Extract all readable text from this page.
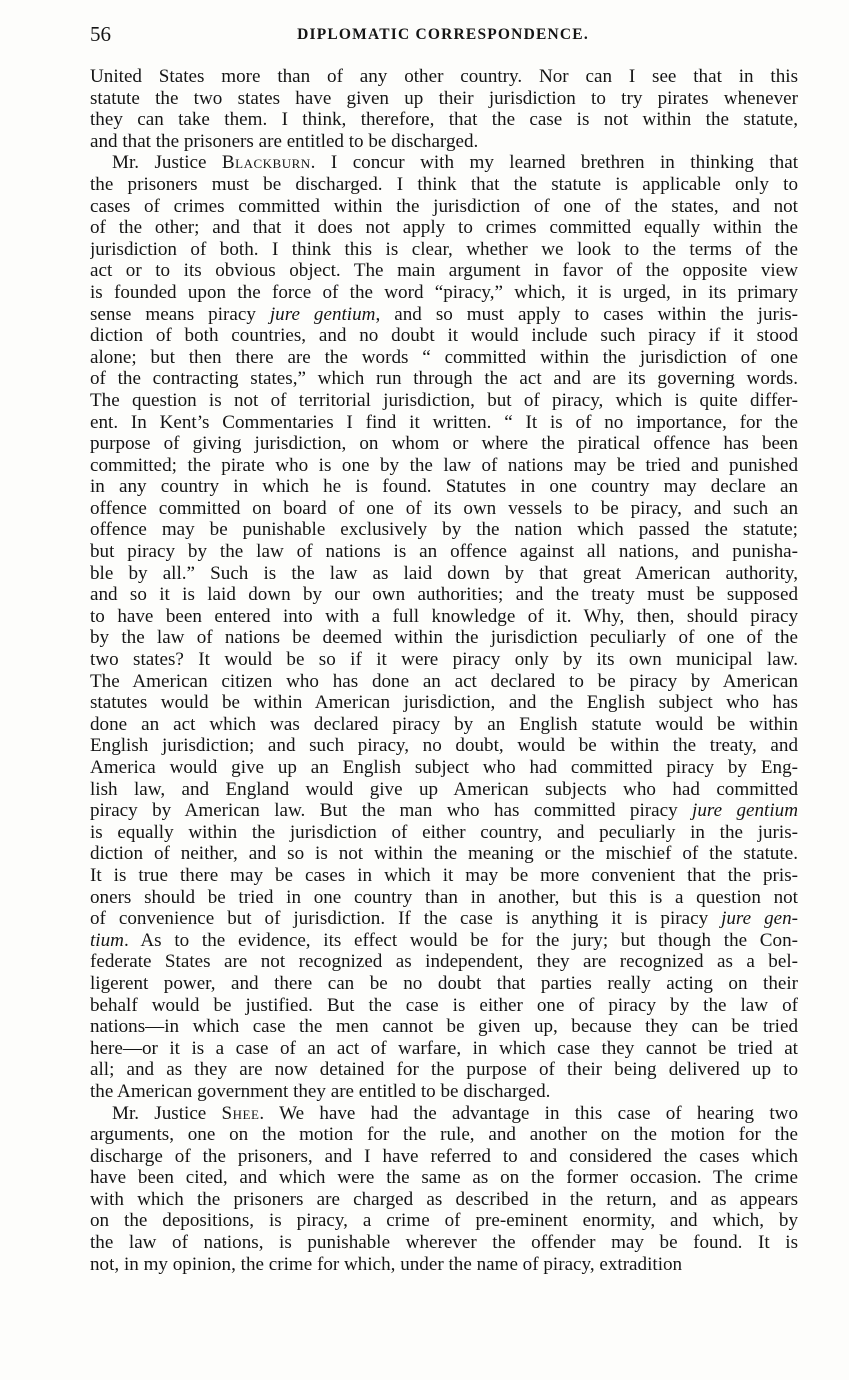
56	DIPLOMATIC CORRESPONDENCE.
United States more than of any other country. Nor can I see that in this
statute the two states have given up their jurisdiction to try pirates whenever
they can take them. I think, therefore, that the case is not within the statute,
and that the prisoners are entitled to be discharged.
Mr. Justice Blackburn. I concur with my learned brethren in thinking that
the prisoners must be discharged. I think that the statute is applicable only to
cases of crimes committed within the jurisdiction of one of the states, and not
of the other; and that it does not apply to crimes committed equally within the
jurisdiction of both. I think this is clear, whether we look to the terms of the
act or to its obvious object. The main argument in favor of the opposite view
is founded upon the force of the word “piracy,” which, it is urged, in its primary
sense means piracy jure gentium, and so must apply to cases within the juris-
diction of both countries, and no doubt it would include such piracy if it stood
alone; but then there are the words “ committed within the jurisdiction of one
of the contracting states,” which run through the act and are its governing words.
The question is not of territorial jurisdiction, but of piracy, which is quite differ-
ent. In Kent’s Commentaries I find it written. “ It is of no importance, for the
purpose of giving jurisdiction, on whom or where the piratical offence has been
committed; the pirate who is one by the law of nations may be tried and punished
in any country in which he is found. Statutes in one country may declare an
offence committed on board of one of its own vessels to be piracy, and such an
offence may be punishable exclusively by the nation which passed the statute;
but piracy by the law of nations is an offence against all nations, and punisha-
ble by all.” Such is the law as laid down by that great American authority,
and so it is laid down by our own authorities; and the treaty must be supposed
to have been entered into with a full knowledge of it. Why, then, should piracy
by the law of nations be deemed within the jurisdiction peculiarly of one of the
two states? It would be so if it were piracy only by its own municipal law.
The American citizen who has done an act declared to be piracy by American
statutes would be within American jurisdiction, and the English subject who has
done an act which was declared piracy by an English statute would be within
English jurisdiction; and such piracy, no doubt, would be within the treaty, and
America would give up an English subject who had committed piracy by Eng-
lish law, and England would give up American subjects who had committed
piracy by American law. But the man who has committed piracy jure gentium
is equally within the jurisdiction of either country, and peculiarly in the juris-
diction of neither, and so is not within the meaning or the mischief of the statute.
It is true there may be cases in which it may be more convenient that the pris-
oners should be tried in one country than in another, but this is a question not
of convenience but of jurisdiction. If the case is anything it is piracy jure gen-
tium. As to the evidence, its effect would be for the jury; but though the Con-
federate States are not recognized as independent, they are recognized as a bel-
ligerent power, and there can be no doubt that parties really acting on their
behalf would be justified. But the case is either one of piracy by the law of
nations—in which case the men cannot be given up, because they can be tried
here—or it is a case of an act of warfare, in which case they cannot be tried at
all; and as they are now detained for the purpose of their being delivered up to
the American government they are entitled to be discharged.
Mr. Justice Shee. We have had the advantage in this case of hearing two
arguments, one on the motion for the rule, and another on the motion for the
discharge of the prisoners, and I have referred to and considered the cases which
have been cited, and which were the same as on the former occasion. The crime
with which the prisoners are charged as described in the return, and as appears
on the depositions, is piracy, a crime of pre-eminent enormity, and which, by
the law of nations, is punishable wherever the offender may be found. It is
not, in my opinion, the crime for which, under the name of piracy, extradition
